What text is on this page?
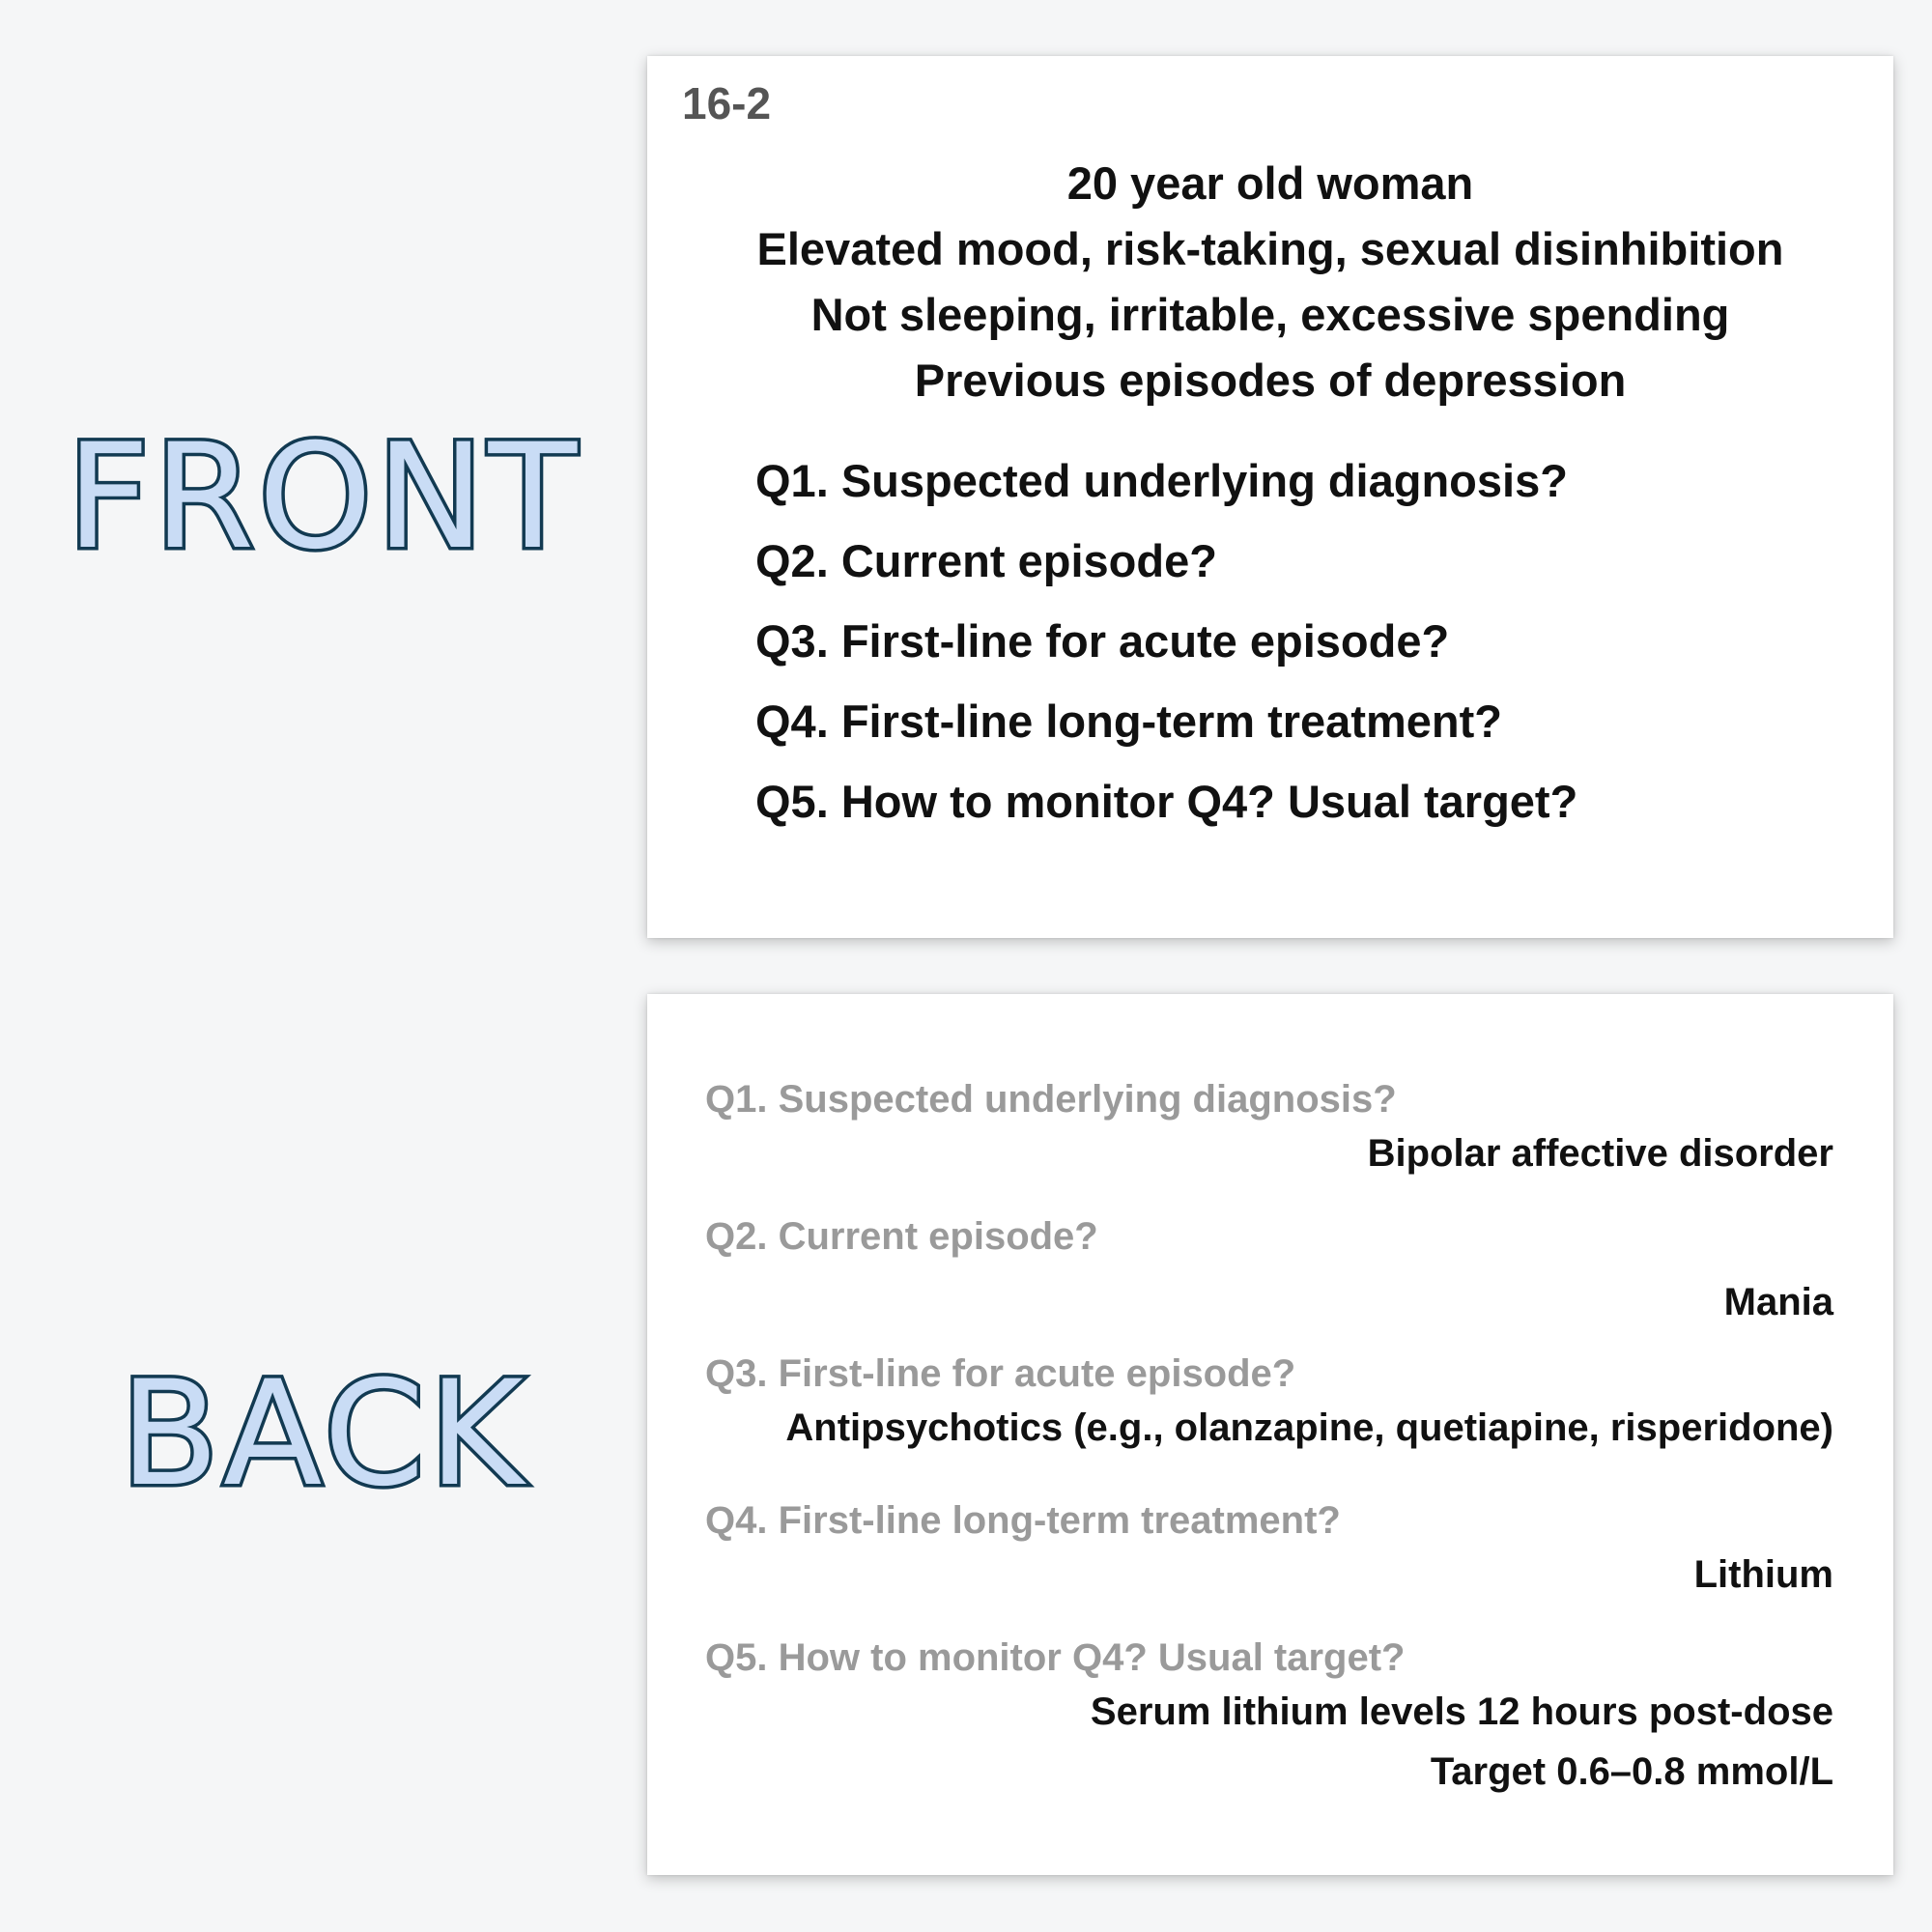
FRONT
BACK
16-2
20 year old woman
Elevated mood, risk-taking, sexual disinhibition
Not sleeping, irritable, excessive spending
Previous episodes of depression
Q1. Suspected underlying diagnosis?
Q2. Current episode?
Q3. First-line for acute episode?
Q4. First-line long-term treatment?
Q5. How to monitor Q4? Usual target?
Q1. Suspected underlying diagnosis?
Bipolar affective disorder
Q2. Current episode?
Mania
Q3. First-line for acute episode?
Antipsychotics (e.g., olanzapine, quetiapine, risperidone)
Q4. First-line long-term treatment?
Lithium
Q5. How to monitor Q4? Usual target?
Serum lithium levels 12 hours post-dose
Target 0.6–0.8 mmol/L
